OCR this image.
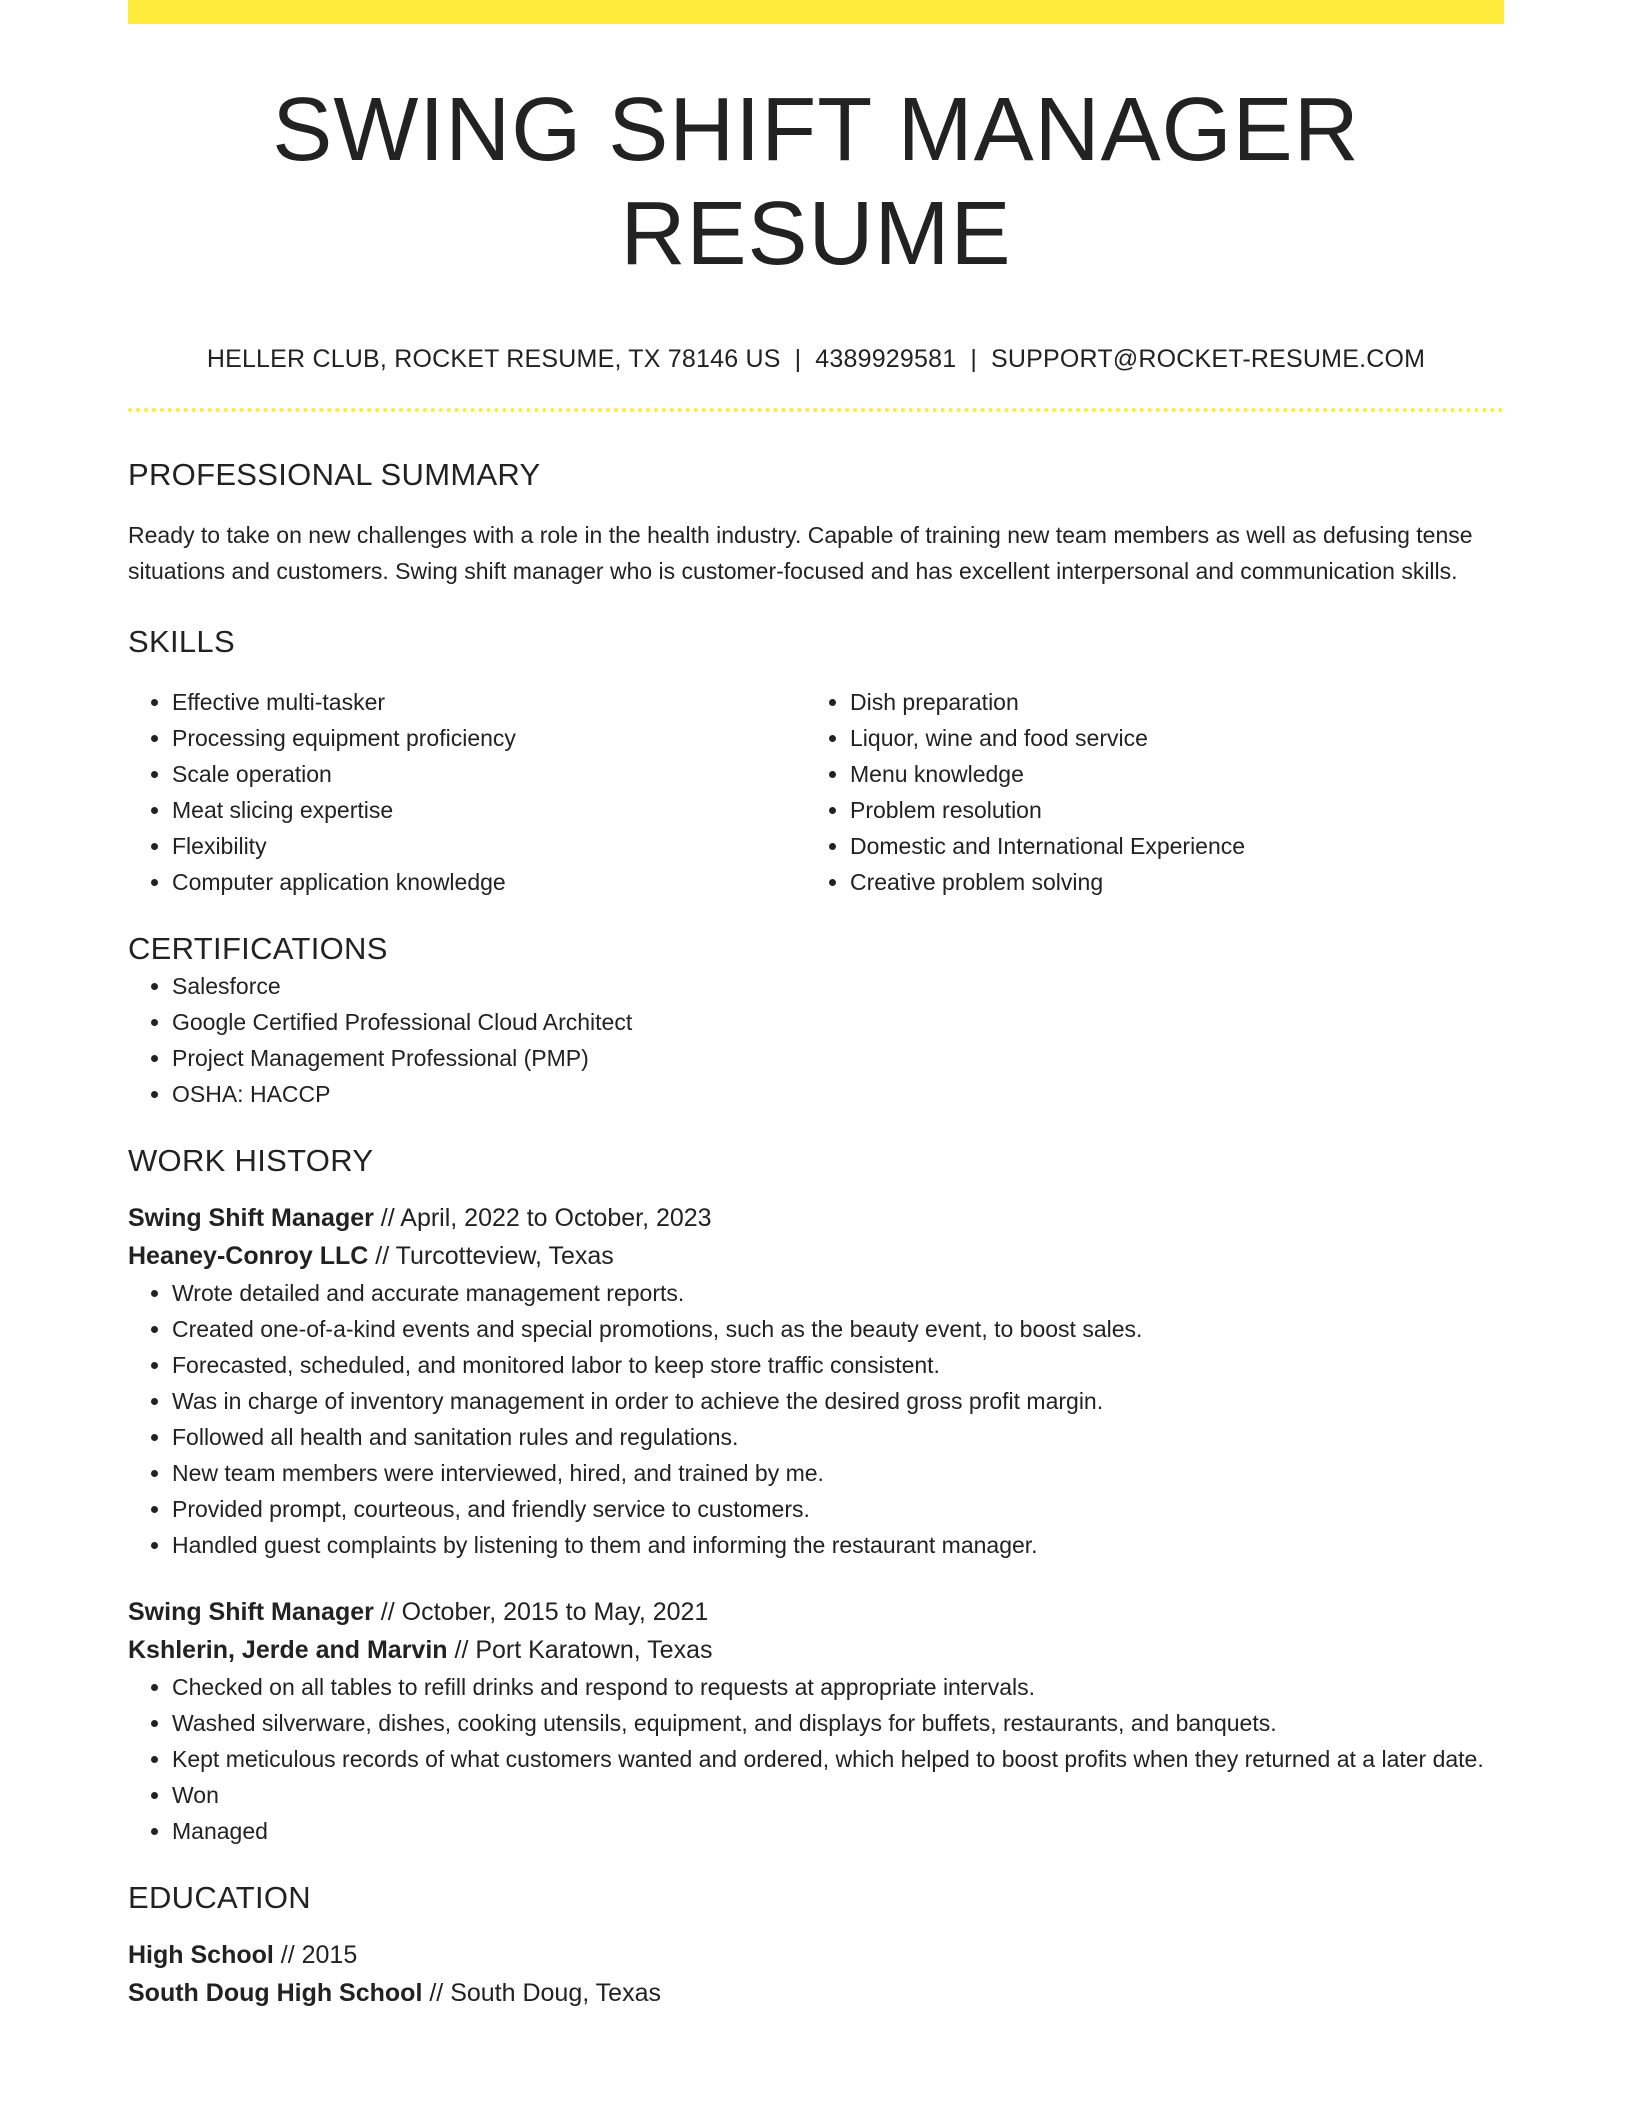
SWING SHIFT MANAGER RESUME
HELLER CLUB, ROCKET RESUME, TX 78146 US | 4389929581 | SUPPORT@ROCKET-RESUME.COM
PROFESSIONAL SUMMARY
Ready to take on new challenges with a role in the health industry. Capable of training new team members as well as defusing tense situations and customers. Swing shift manager who is customer-focused and has excellent interpersonal and communication skills.
SKILLS
• Effective multi-tasker
• Processing equipment proficiency
• Scale operation
• Meat slicing expertise
• Flexibility
• Computer application knowledge
• Dish preparation
• Liquor, wine and food service
• Menu knowledge
• Problem resolution
• Domestic and International Experience
• Creative problem solving
CERTIFICATIONS
• Salesforce
• Google Certified Professional Cloud Architect
• Project Management Professional (PMP)
• OSHA: HACCP
WORK HISTORY
Swing Shift Manager // April, 2022 to October, 2023
Heaney-Conroy LLC // Turcotteview, Texas
• Wrote detailed and accurate management reports.
• Created one-of-a-kind events and special promotions, such as the beauty event, to boost sales.
• Forecasted, scheduled, and monitored labor to keep store traffic consistent.
• Was in charge of inventory management in order to achieve the desired gross profit margin.
• Followed all health and sanitation rules and regulations.
• New team members were interviewed, hired, and trained by me.
• Provided prompt, courteous, and friendly service to customers.
• Handled guest complaints by listening to them and informing the restaurant manager.
Swing Shift Manager // October, 2015 to May, 2021
Kshlerin, Jerde and Marvin // Port Karatown, Texas
• Checked on all tables to refill drinks and respond to requests at appropriate intervals.
• Washed silverware, dishes, cooking utensils, equipment, and displays for buffets, restaurants, and banquets.
• Kept meticulous records of what customers wanted and ordered, which helped to boost profits when they returned at a later date.
• Won
• Managed
EDUCATION
High School // 2015
South Doug High School // South Doug, Texas
